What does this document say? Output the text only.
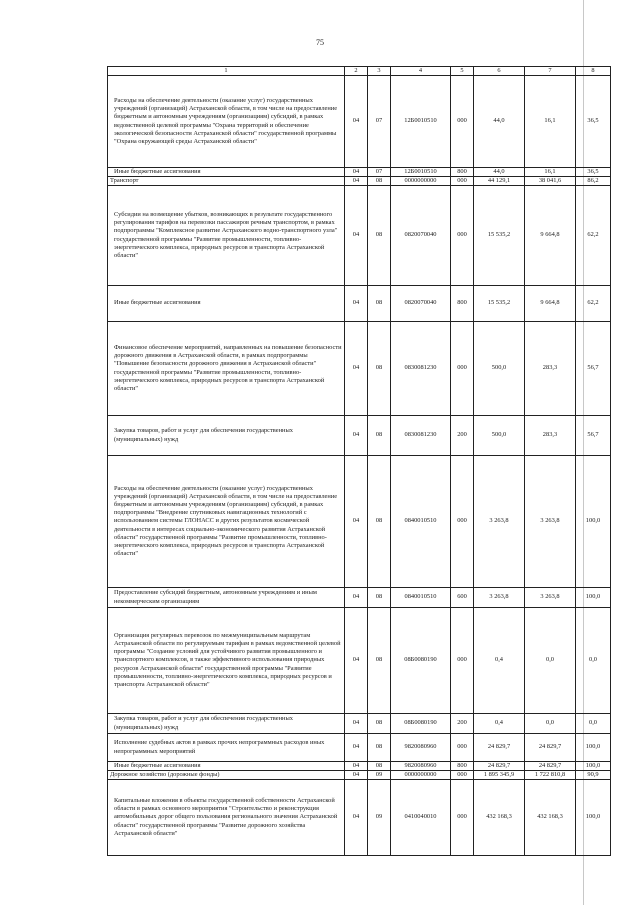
75
1	2	3	4	5	6	7	8
Расходы на обеспечение деятельности (оказание услуг) государственных учреждений (организаций) Астраханской области, в том числе на предоставление бюджетным и автономным учреждениям (организациям) субсидий, в рамках ведомственной целевой программы "Охрана территорий и обеспечение экологической безопасности Астраханской области" государственной программы "Охрана окружающей среды Астраханской области"	04	07	12Б0010510	000	44,0	16,1	36,5
Иные бюджетные ассигнования	04	07	12Б0010510	800	44,0	16,1	36,5
Транспорт	04	08	0000000000	000	44 129,1	38 041,6	86,2
Субсидии на возмещение убытков, возникающих в результате государственного регулирования тарифов на перевозки пассажиров речным транспортом, в рамках подпрограммы "Комплексное развитие Астраханского водно-транспортного узла" государственной программы "Развитие промышленности, топливно-энергетического комплекса, природных ресурсов и транспорта Астраханской области"	04	08	0820070040	000	15 535,2	9 664,8	62,2
Иные бюджетные ассигнования	04	08	0820070040	800	15 535,2	9 664,8	62,2
Финансовое обеспечение мероприятий, направленных на повышение безопасности дорожного движения в Астраханской области, в рамках подпрограммы "Повышение безопасности дорожного движения в Астраханской области" государственной программы "Развитие промышленности, топливно-энергетического комплекса, природных ресурсов и транспорта Астраханской области"	04	08	0830081230	000	500,0	283,3	56,7
Закупка товаров, работ и услуг для обеспечения государственных (муниципальных) нужд	04	08	0830081230	200	500,0	283,3	56,7
Расходы на обеспечение деятельности (оказание услуг) государственных учреждений (организаций) Астраханской области, в том числе на предоставление бюджетным и автономным учреждениям (организациям) субсидий, в рамках подпрограммы "Внедрение спутниковых навигационных технологий с использованием системы ГЛОНАСС и других результатов космической деятельности в интересах социально-экономического развития Астраханской области" государственной программы "Развитие промышленности, топливно-энергетического комплекса, природных ресурсов и транспорта Астраханской области"	04	08	0840010510	000	3 263,8	3 263,8	100,0
Предоставление субсидий бюджетным, автономным учреждениям и иным некоммерческим организациям	04	08	0840010510	600	3 263,8	3 263,8	100,0
Организация регулярных перевозок по межмуниципальным маршрутам Астраханской области по регулируемым тарифам в рамках ведомственной целевой программы "Создание условий для устойчивого развития промышленного и транспортного комплексов, в также эффективного использования природных ресурсов Астраханской области" государственной программы "Развитие промышленности, топливно-энергетического комплекса, природных ресурсов и транспорта Астраханской области"	04	08	08Б0080190	000	0,4	0,0	0,0
Закупка товаров, работ и услуг для обеспечения государственных (муниципальных) нужд	04	08	08Б0080190	200	0,4	0,0	0,0
Исполнение судебных актов в рамках прочих непрограммных расходов иных непрограммных мероприятий	04	08	9820080960	000	24 829,7	24 829,7	100,0
Иные бюджетные ассигнования	04	08	9820080960	800	24 829,7	24 829,7	100,0
Дорожное хозяйство (дорожные фонды)	04	09	0000000000	000	1 895 345,9	1 722 810,8	90,9
Капитальные вложения в объекты государственной собственности Астраханской области в рамках основного мероприятия "Строительство и реконструкция автомобильных дорог общего пользования регионального значения Астраханской области" государственной программы "Развитие дорожного хозяйства Астраханской области"	04	09	0410040010	000	432 168,3	432 168,3	100,0
